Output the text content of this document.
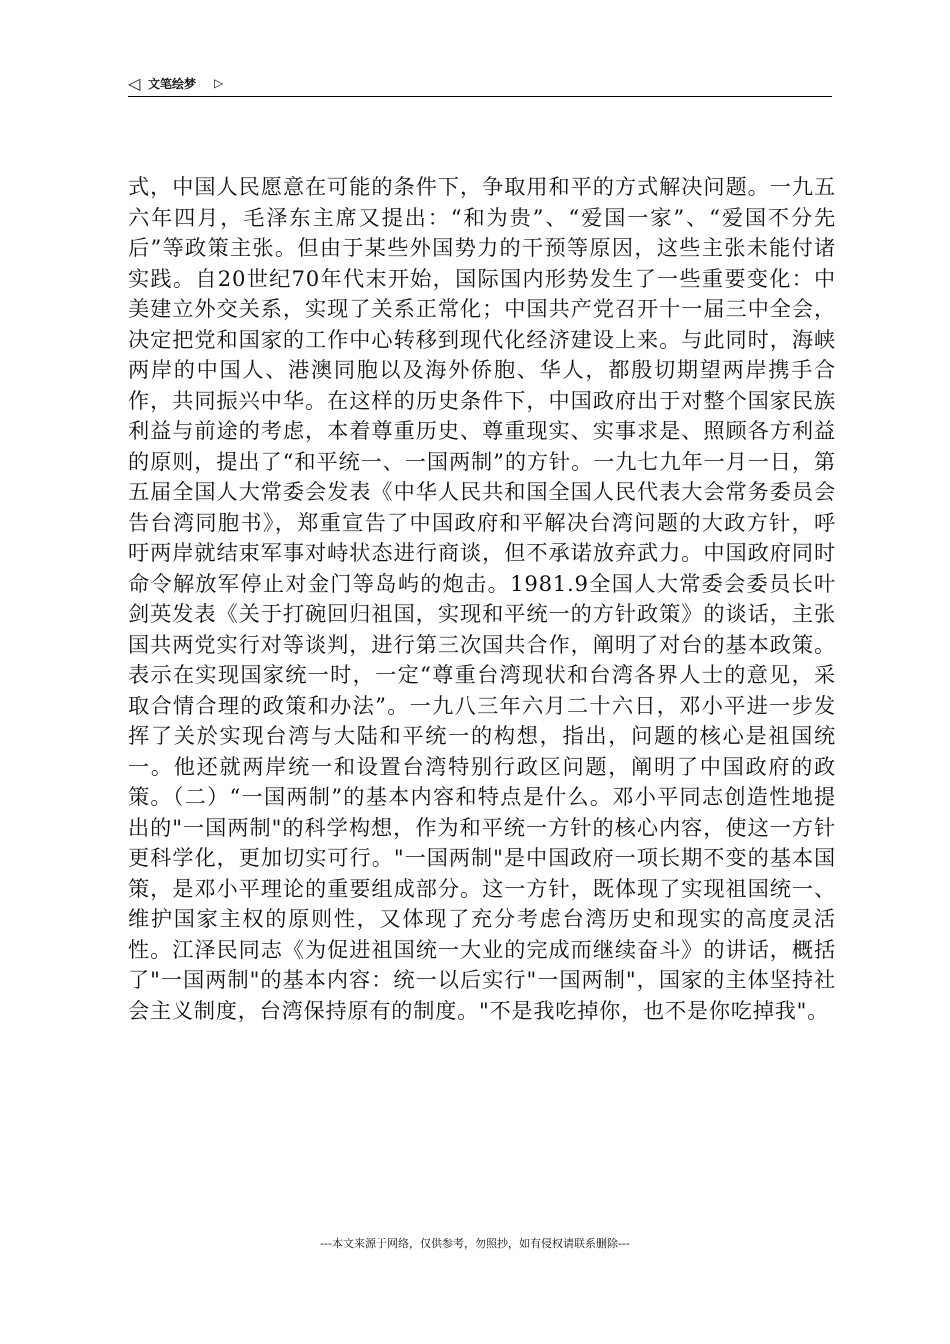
◁ 文笔绘梦 ▷

式，中国人民愿意在可能的条件下，争取用和平的方式解决问题。一九五六年四月，毛泽东主席又提出：“和为贵”、“爱国一家”、“爱国不分先后”等政策主张。但由于某些外国势力的干预等原因，这些主张未能付诸实践。自20世纪70年代末开始，国际国内形势发生了一些重要变化：中美建立外交关系，实现了关系正常化；中国共产党召开十一届三中全会，决定把党和国家的工作中心转移到现代化经济建设上来。与此同时，海峡两岸的中国人、港澳同胞以及海外侨胞、华人，都殷切期望两岸携手合作，共同振兴中华。在这样的历史条件下，中国政府出于对整个国家民族利益与前途的考虑，本着尊重历史、尊重现实、实事求是、照顾各方利益的原则，提出了“和平统一、一国两制”的方针。一九七九年一月一日，第五届全国人大常委会发表《中华人民共和国全国人民代表大会常务委员会告台湾同胞书》，郑重宣告了中国政府和平解决台湾问题的大政方针，呼吁两岸就结束军事对峙状态进行商谈，但不承诺放弃武力。中国政府同时命令解放军停止对金门等岛屿的炮击。1981.9全国人大常委会委员长叶剑英发表《关于打碗回归祖国，实现和平统一的方针政策》的谈话，主张国共两党实行对等谈判，进行第三次国共合作，阐明了对台的基本政策。表示在实现国家统一时，一定“尊重台湾现状和台湾各界人士的意见，采取合情合理的政策和办法”。一九八三年六月二十六日，邓小平进一步发挥了关於实现台湾与大陆和平统一的构想，指出，问题的核心是祖国统一。他还就两岸统一和设置台湾特别行政区问题，阐明了中国政府的政策。（二）“一国两制”的基本内容和特点是什么。邓小平同志创造性地提出的"一国两制"的科学构想，作为和平统一方针的核心内容，使这一方针更科学化，更加切实可行。"一国两制"是中国政府一项长期不变的基本国策，是邓小平理论的重要组成部分。这一方针，既体现了实现祖国统一、维护国家主权的原则性，又体现了充分考虑台湾历史和现实的高度灵活性。江泽民同志《为促进祖国统一大业的完成而继续奋斗》的讲话，概括了"一国两制"的基本内容：统一以后实行"一国两制"，国家的主体坚持社会主义制度，台湾保持原有的制度。"不是我吃掉你，也不是你吃掉我"。

---本文来源于网络，仅供参考，勿照抄，如有侵权请联系删除---
